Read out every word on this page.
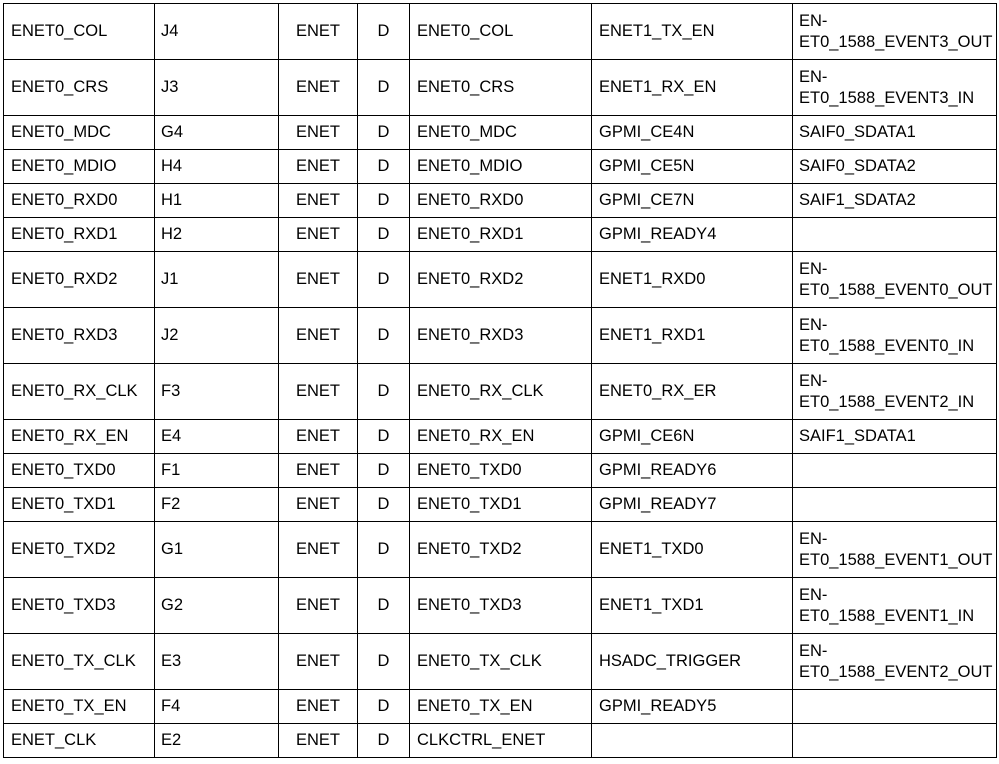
ENET0_COL	J4	ENET	D	ENET0_COL	ENET1_TX_EN	EN-
ET0_1588_EVENT3_OUT
ENET0_CRS	J3	ENET	D	ENET0_CRS	ENET1_RX_EN	EN-
ET0_1588_EVENT3_IN
ENET0_MDC	G4	ENET	D	ENET0_MDC	GPMI_CE4N	SAIF0_SDATA1
ENET0_MDIO	H4	ENET	D	ENET0_MDIO	GPMI_CE5N	SAIF0_SDATA2
ENET0_RXD0	H1	ENET	D	ENET0_RXD0	GPMI_CE7N	SAIF1_SDATA2
ENET0_RXD1	H2	ENET	D	ENET0_RXD1	GPMI_READY4	
ENET0_RXD2	J1	ENET	D	ENET0_RXD2	ENET1_RXD0	EN-
ET0_1588_EVENT0_OUT
ENET0_RXD3	J2	ENET	D	ENET0_RXD3	ENET1_RXD1	EN-
ET0_1588_EVENT0_IN
ENET0_RX_CLK	F3	ENET	D	ENET0_RX_CLK	ENET0_RX_ER	EN-
ET0_1588_EVENT2_IN
ENET0_RX_EN	E4	ENET	D	ENET0_RX_EN	GPMI_CE6N	SAIF1_SDATA1
ENET0_TXD0	F1	ENET	D	ENET0_TXD0	GPMI_READY6	
ENET0_TXD1	F2	ENET	D	ENET0_TXD1	GPMI_READY7	
ENET0_TXD2	G1	ENET	D	ENET0_TXD2	ENET1_TXD0	EN-
ET0_1588_EVENT1_OUT
ENET0_TXD3	G2	ENET	D	ENET0_TXD3	ENET1_TXD1	EN-
ET0_1588_EVENT1_IN
ENET0_TX_CLK	E3	ENET	D	ENET0_TX_CLK	HSADC_TRIGGER	EN-
ET0_1588_EVENT2_OUT
ENET0_TX_EN	F4	ENET	D	ENET0_TX_EN	GPMI_READY5	
ENET_CLK	E2	ENET	D	CLKCTRL_ENET		
